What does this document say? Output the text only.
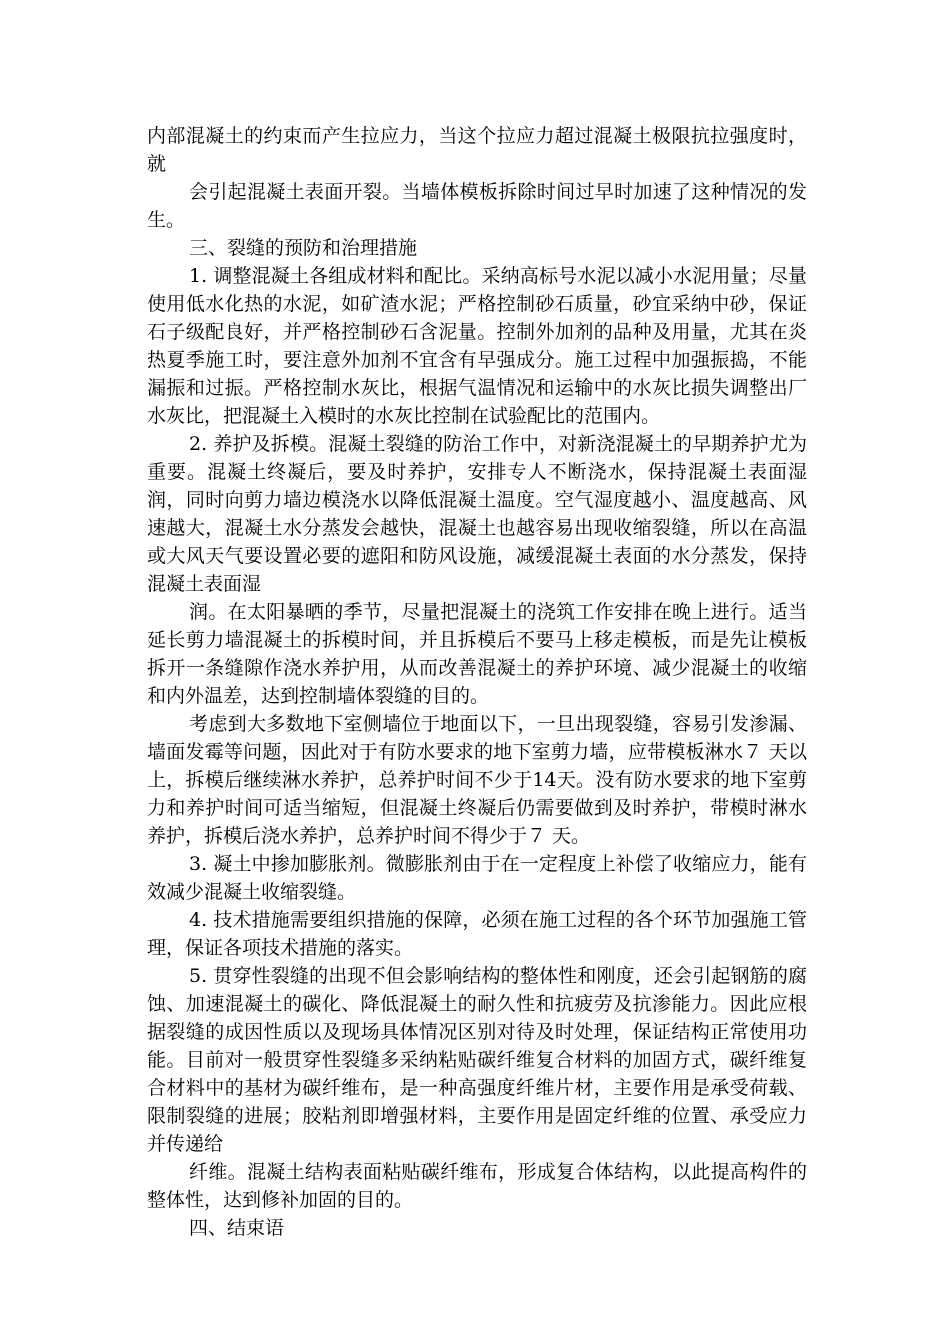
内部混凝土的约束而产生拉应力，当这个拉应力超过混凝土极限抗拉强度时，就

会引起混凝土表面开裂。当墙体模板拆除时间过早时加速了这种情况的发生。

三、裂缝的预防和治理措施

1. 调整混凝土各组成材料和配比。采纳高标号水泥以减小水泥用量；尽量使用低水化热的水泥，如矿渣水泥；严格控制砂石质量，砂宜采纳中砂，保证石子级配良好，并严格控制砂石含泥量。控制外加剂的品种及用量，尤其在炎热夏季施工时，要注意外加剂不宜含有早强成分。施工过程中加强振捣，不能漏振和过振。严格控制水灰比，根据气温情况和运输中的水灰比损失调整出厂水灰比，把混凝土入模时的水灰比控制在试验配比的范围内。

2. 养护及拆模。混凝土裂缝的防治工作中，对新浇混凝土的早期养护尤为重要。混凝土终凝后，要及时养护，安排专人不断浇水，保持混凝土表面湿润，同时向剪力墙边模浇水以降低混凝土温度。空气湿度越小、温度越高、风速越大，混凝土水分蒸发会越快，混凝土也越容易出现收缩裂缝，所以在高温或大风天气要设置必要的遮阳和防风设施，减缓混凝土表面的水分蒸发，保持混凝土表面湿

润。在太阳暴晒的季节，尽量把混凝土的浇筑工作安排在晚上进行。适当延长剪力墙混凝土的拆模时间，并且拆模后不要马上移走模板，而是先让模板拆开一条缝隙作浇水养护用，从而改善混凝土的养护环境、减少混凝土的收缩和内外温差，达到控制墙体裂缝的目的。

考虑到大多数地下室侧墙位于地面以下，一旦出现裂缝，容易引发渗漏、墙面发霉等问题，因此对于有防水要求的地下室剪力墙，应带模板淋水７ 天以上，拆模后继续淋水养护，总养护时间不少于14天。没有防水要求的地下室剪力和养护时间可适当缩短，但混凝土终凝后仍需要做到及时养护，带模时淋水养护，拆模后浇水养护，总养护时间不得少于７ 天。

3. 凝土中掺加膨胀剂。微膨胀剂由于在一定程度上补偿了收缩应力，能有效减少混凝土收缩裂缝。

4. 技术措施需要组织措施的保障，必须在施工过程的各个环节加强施工管理，保证各项技术措施的落实。

5. 贯穿性裂缝的出现不但会影响结构的整体性和刚度，还会引起钢筋的腐蚀、加速混凝土的碳化、降低混凝土的耐久性和抗疲劳及抗渗能力。因此应根据裂缝的成因性质以及现场具体情况区别对待及时处理，保证结构正常使用功能。目前对一般贯穿性裂缝多采纳粘贴碳纤维复合材料的加固方式，碳纤维复合材料中的基材为碳纤维布，是一种高强度纤维片材，主要作用是承受荷载、限制裂缝的进展；胶粘剂即增强材料，主要作用是固定纤维的位置、承受应力并传递给

纤维。混凝土结构表面粘贴碳纤维布，形成复合体结构，以此提高构件的整体性，达到修补加固的目的。

四、结束语
